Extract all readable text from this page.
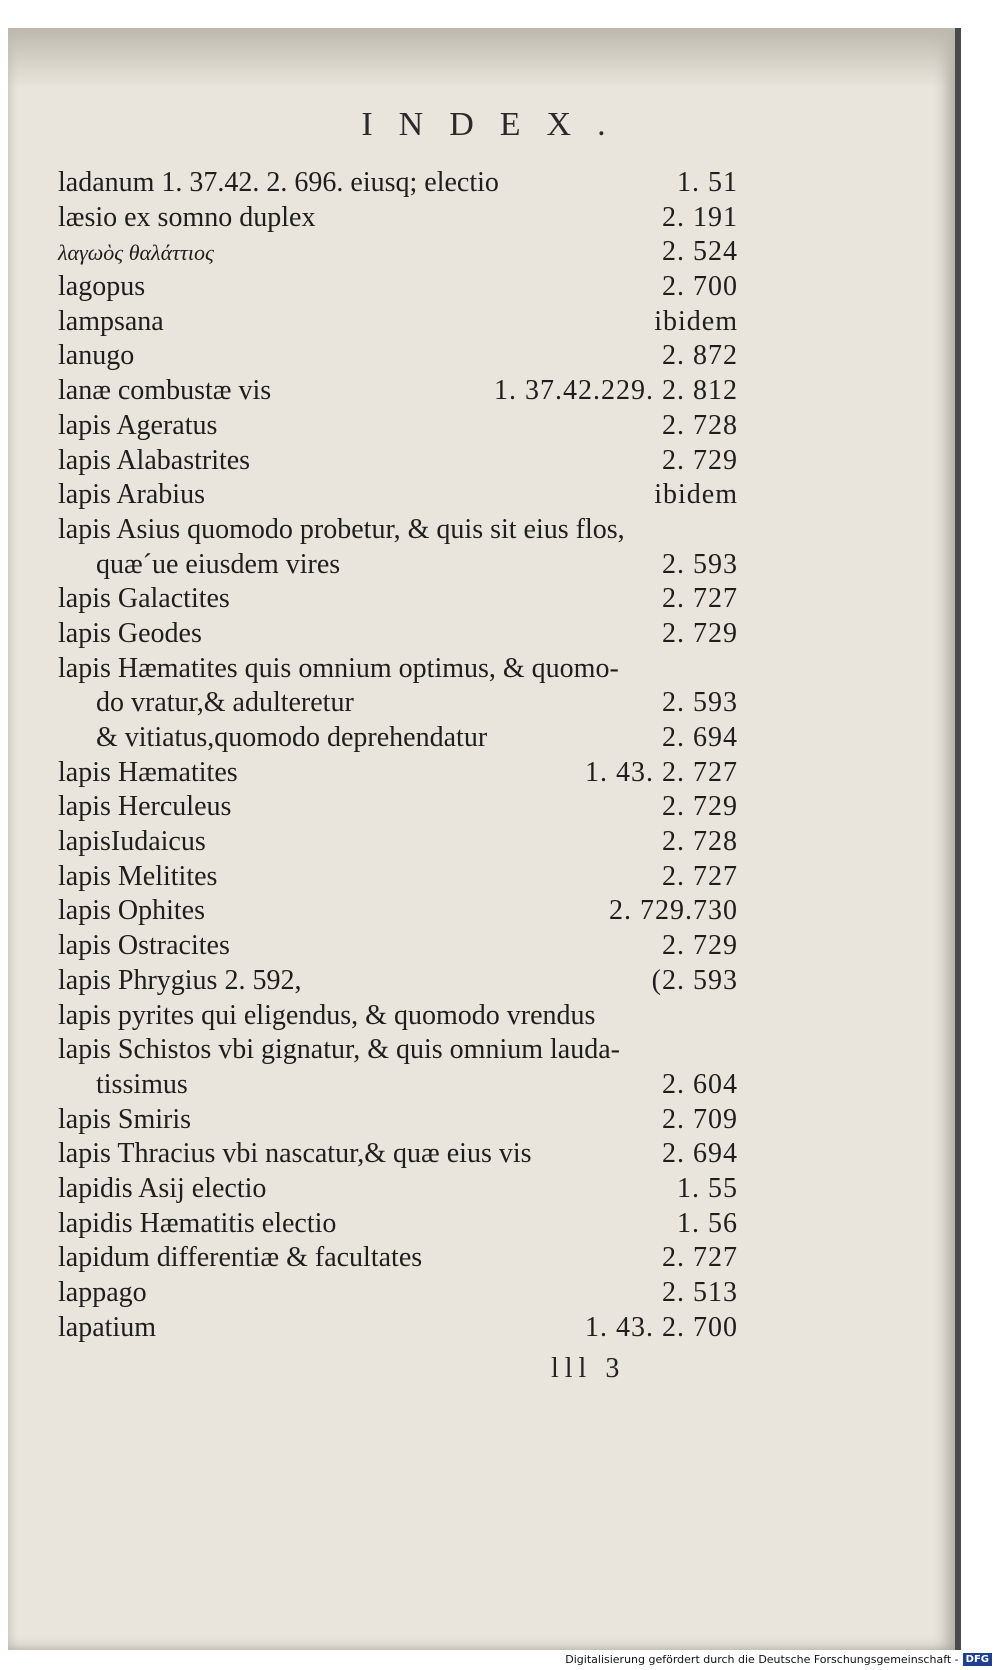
INDEX.
ladanum 1. 37.42. 2. 696. eiusq; electio	1. 51
læsio ex somno duplex	2. 191
λαγωὸς θαλάττιος	2. 524
lagopus	2. 700
lampsana	ibidem
lanugo	2. 872
lanæ combustæ vis	1. 37.42.229. 2. 812
lapis Ageratus	2. 728
lapis Alabastrites	2. 729
lapis Arabius	ibidem
lapis Asius quomodo probetur, & quis sit eius flos,
quæ´ue eiusdem vires	2. 593
lapis Galactites	2. 727
lapis Geodes	2. 729
lapis Hæmatites quis omnium optimus, & quomo-
do vratur,& adulteretur	2. 593
& vitiatus,quomodo deprehendatur	2. 694
lapis Hæmatites	1. 43. 2. 727
lapis Herculeus	2. 729
lapisIudaicus	2. 728
lapis Melitites	2. 727
lapis Ophites	2. 729.730
lapis Ostracites	2. 729
lapis Phrygius 2. 592,	(2. 593
lapis pyrites qui eligendus, & quomodo vrendus
lapis Schistos vbi gignatur, & quis omnium lauda-
tissimus	2. 604
lapis Smiris	2. 709
lapis Thracius vbi nascatur,& quæ eius vis	2. 694
lapidis Asij electio	1. 55
lapidis Hæmatitis electio	1. 56
lapidum differentiæ & facultates	2. 727
lappago	2. 513
lapatium	1. 43. 2. 700
lll 3
Digitalisierung gefördert durch die Deutsche Forschungsgemeinschaft - DFG
